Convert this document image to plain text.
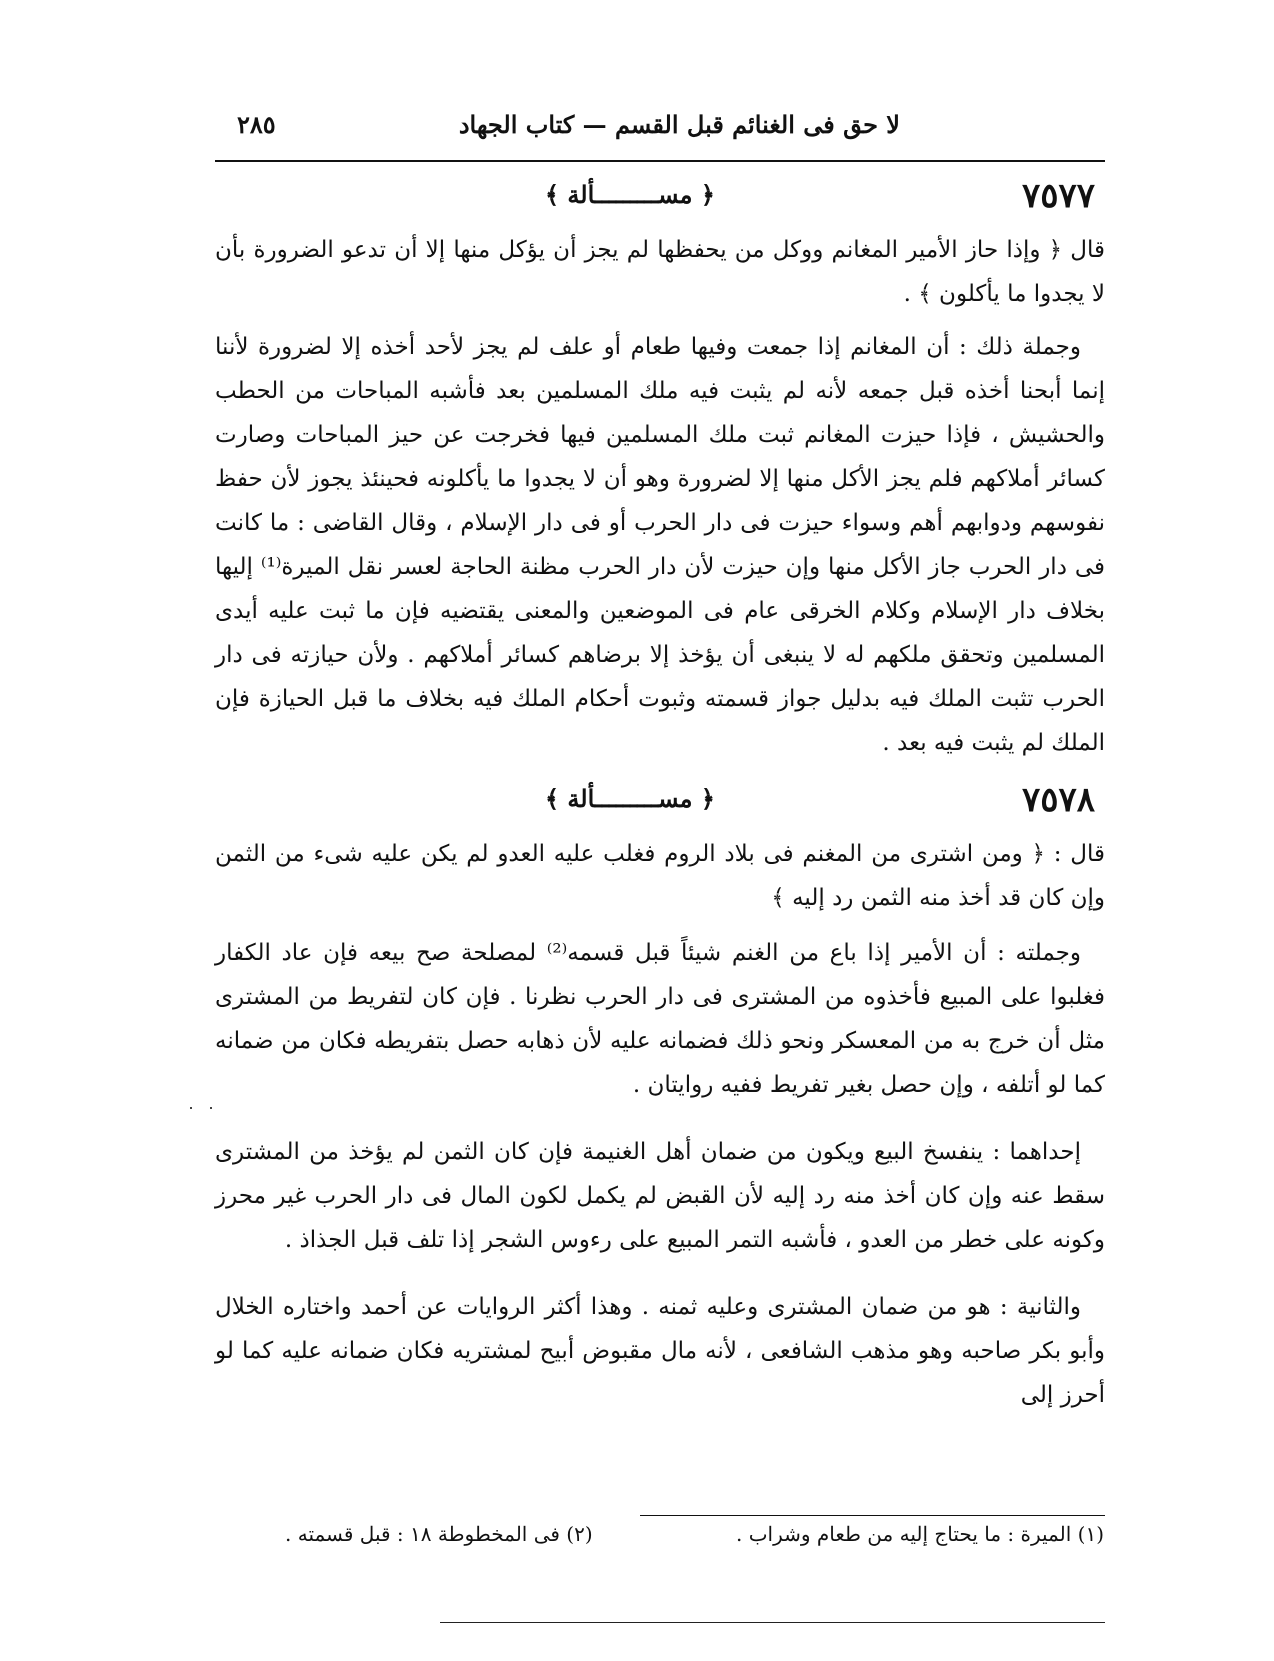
لا حق فى الغنائم قبل القسم — كتاب الجهاد
٢٨٥
٧٥٧٧
﴿ مســـــــــألة ﴾

قال ﴿ وإذا حاز الأمير المغانم ووكل من يحفظها لم يجز أن يؤكل منها إلا أن تدعو الضرورة بأن لا يجدوا ما يأكلون ﴾ .

وجملة ذلك : أن المغانم إذا جمعت وفيها طعام أو علف لم يجز لأحد أخذه إلا لضرورة لأننا إنما أبحنا أخذه قبل جمعه لأنه لم يثبت فيه ملك المسلمين بعد فأشبه المباحات من الحطب والحشيش ، فإذا حيزت المغانم ثبت ملك المسلمين فيها فخرجت عن حيز المباحات وصارت كسائر أملاكهم فلم يجز الأكل منها إلا لضرورة وهو أن لا يجدوا ما يأكلونه فحينئذ يجوز لأن حفظ نفوسهم ودوابهم أهم وسواء حيزت فى دار الحرب أو فى دار الإسلام ، وقال القاضى : ما كانت فى دار الحرب جاز الأكل منها وإن حيزت لأن دار الحرب مظنة الحاجة لعسر نقل الميرة⁽¹⁾ إليها بخلاف دار الإسلام وكلام الخرقى عام فى الموضعين والمعنى يقتضيه فإن ما ثبت عليه أيدى المسلمين وتحقق ملكهم له لا ينبغى أن يؤخذ إلا برضاهم كسائر أملاكهم . ولأن حيازته فى دار الحرب تثبت الملك فيه بدليل جواز قسمته وثبوت أحكام الملك فيه بخلاف ما قبل الحيازة فإن الملك لم يثبت فيه بعد .

٧٥٧٨
﴿ مســـــــــألة ﴾

قال : ﴿ ومن اشترى من المغنم فى بلاد الروم فغلب عليه العدو لم يكن عليه شىء من الثمن وإن كان قد أخذ منه الثمن رد إليه ﴾

وجملته : أن الأمير إذا باع من الغنم شيئاً قبل قسمه⁽²⁾ لمصلحة صح بيعه فإن عاد الكفار فغلبوا على المبيع فأخذوه من المشترى فى دار الحرب نظرنا . فإن كان لتفريط من المشترى مثل أن خرج به من المعسكر ونحو ذلك فضمانه عليه لأن ذهابه حصل بتفريطه فكان من ضمانه كما لو أتلفه ، وإن حصل بغير تفريط ففيه روايتان .

إحداهما : ينفسخ البيع ويكون من ضمان أهل الغنيمة فإن كان الثمن لم يؤخذ من المشترى سقط عنه وإن كان أخذ منه رد إليه لأن القبض لم يكمل لكون المال فى دار الحرب غير محرز وكونه على خطر من العدو ، فأشبه التمر المبيع على رءوس الشجر إذا تلف قبل الجذاذ .

والثانية : هو من ضمان المشترى وعليه ثمنه . وهذا أكثر الروايات عن أحمد واختاره الخلال وأبو بكر صاحبه وهو مذهب الشافعى ، لأنه مال مقبوض أبيح لمشتريه فكان ضمانه عليه كما لو أحرز إلى

(١) الميرة : ما يحتاج إليه من طعام وشراب .
(٢) فى المخطوطة ١٨ : قبل قسمته .
